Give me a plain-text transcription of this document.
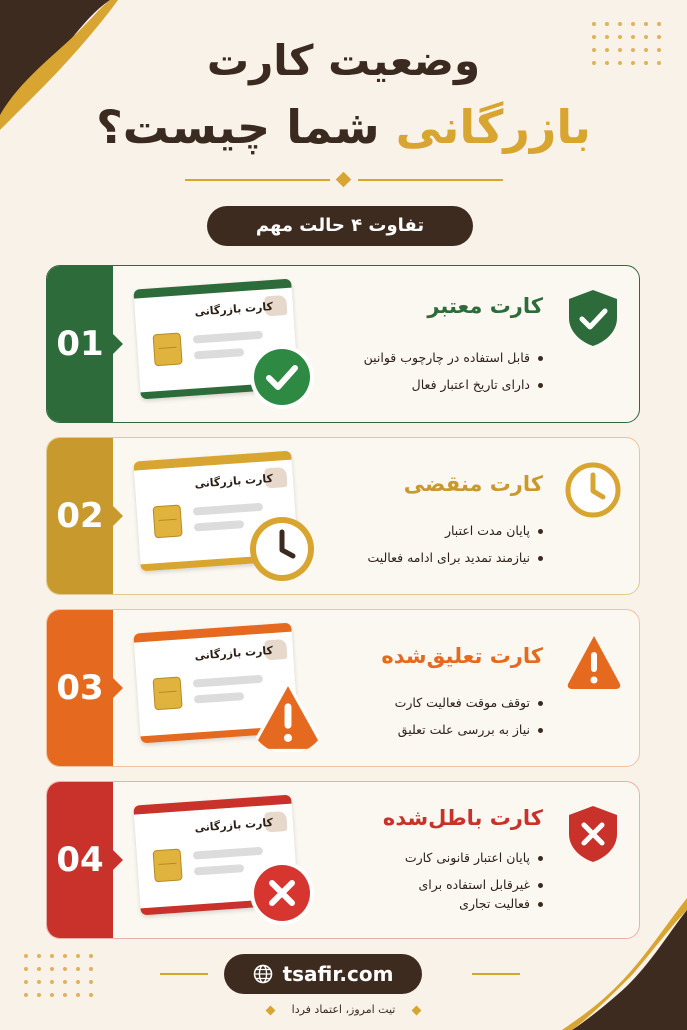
وضعیت کارت
بازرگانی شما چیست؟
تفاوت ۴ حالت مهم
01
کارت بازرگانی	کارت معتبر
قابل استفاده در چارچوب قوانین
دارای تاریخ اعتبار فعال
02
کارت بازرگانی	کارت منقضی
پایان مدت اعتبار
نیازمند تمدید برای ادامه فعالیت
03
کارت بازرگانی	کارت تعلیق‌شده
توقف موقت فعالیت کارت
نیاز به بررسی علت تعلیق
04
کارت بازرگانی	کارت باطل‌شده
پایان اعتبار قانونی کارت
غیرقابل استفاده برای
فعالیت تجاری
tsafir.com
تیت امروز، اعتماد فردا
